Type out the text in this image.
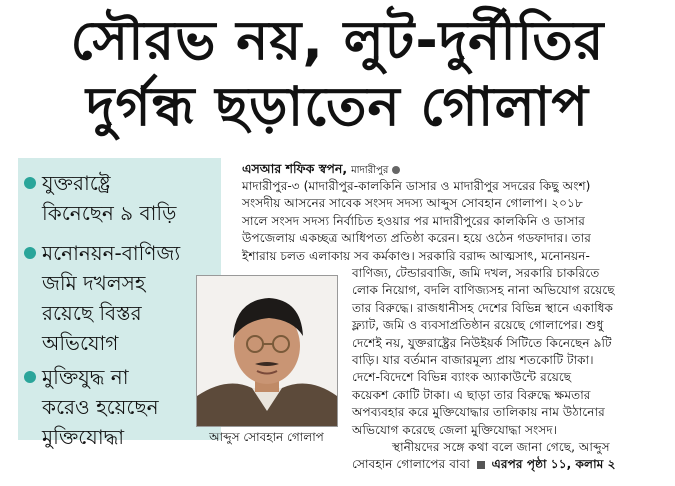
সৌরভ নয়, লুট-দুর্নীতির
দুর্গন্ধ ছড়াতেন গোলাপ
যুক্তরাষ্ট্রে
কিনেছেন ৯ বাড়ি
মনোনয়ন-বাণিজ্য
জমি দখলসহ
রয়েছে বিস্তর
অভিযোগ
মুক্তিযুদ্ধ না
করেও হয়েছেন
মুক্তিযোদ্ধা	আব্দুস সোবহান গোলাপ
এসআর শফিক স্বপন, মাদারীপুর
মাদারীপুর-৩ (মাদারীপুর-কালকিনি ডাসার ও মাদারীপুর সদরের কিছু অংশ)
সংসদীয় আসনের সাবেক সংসদ সদস্য আব্দুস সোবহান গোলাপ। ২০১৮
সালে সংসদ সদস্য নির্বাচিত হওয়ার পর মাদারীপুরের কালকিনি ও ডাসার
উপজেলায় একচ্ছত্র আধিপত্য প্রতিষ্ঠা করেন। হয়ে ওঠেন গডফাদার। তার
ইশারায় চলত এলাকায় সব কর্মকাণ্ড। সরকারি বরাদ্দ আত্মসাৎ, মনোনয়ন-
বাণিজ্য, টেন্ডারবাজি, জমি দখল, সরকারি চাকরিতে
লোক নিয়োগ, বদলি বাণিজ্যসহ নানা অভিযোগ রয়েছে
তার বিরুদ্ধে। রাজধানীসহ দেশের বিভিন্ন স্থানে একাধিক
ফ্ল্যাট, জমি ও ব্যবসাপ্রতিষ্ঠান রয়েছে গোলাপের। শুধু
দেশেই নয়, যুক্তরাষ্ট্রের নিউইয়র্ক সিটিতে কিনেছেন ৯টি
বাড়ি। যার বর্তমান বাজারমূল্য প্রায় শতকোটি টাকা।
দেশে-বিদেশে বিভিন্ন ব্যাংক অ্যাকাউন্টে রয়েছে
কয়েকশ কোটি টাকা। এ ছাড়া তার বিরুদ্ধে ক্ষমতার
অপব্যবহার করে মুক্তিযোদ্ধার তালিকায় নাম উঠানোর
অভিযোগ করেছে জেলা মুক্তিযোদ্ধা সংসদ।
স্থানীয়দের সঙ্গে কথা বলে জানা গেছে, আব্দুস
সোবহান গোলাপের বাবা এরপর পৃষ্ঠা ১১, কলাম ২
